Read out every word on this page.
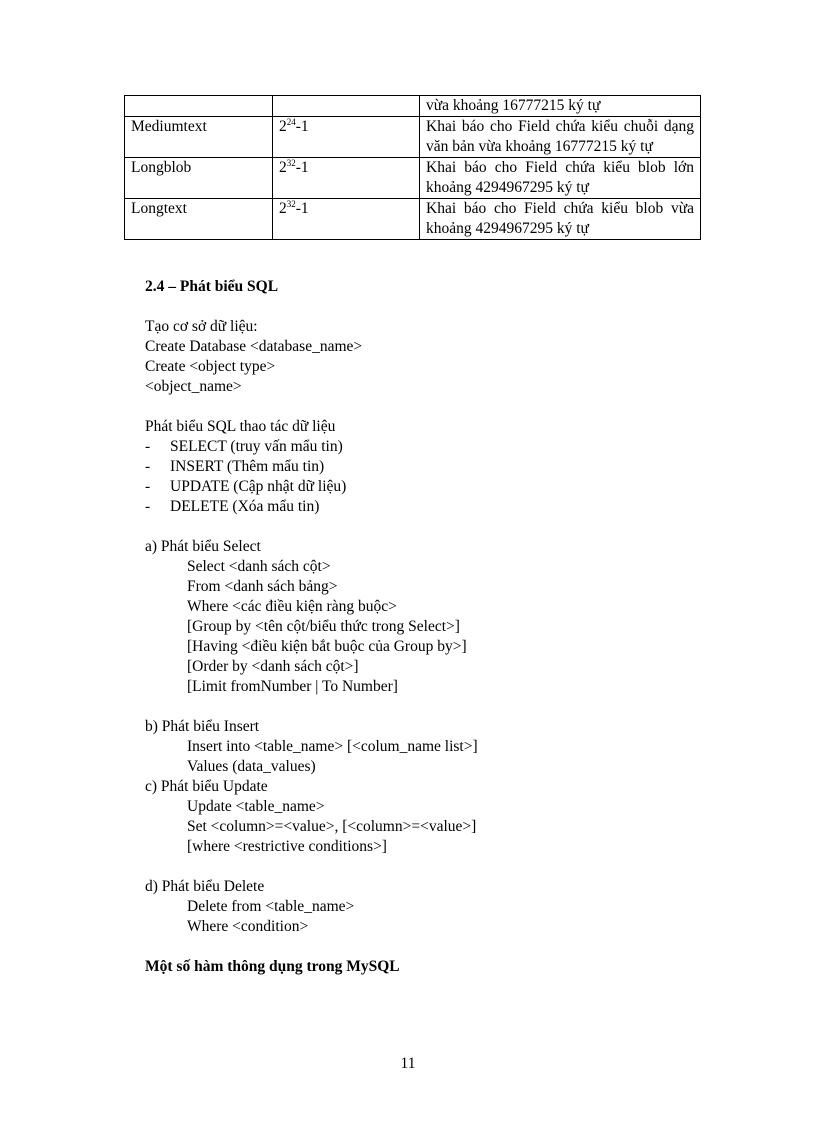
		vừa khoảng 16777215 ký tự
Mediumtext	$2^{24}-1$	Khai báo cho Field chứa kiểu chuỗi dạng văn bản vừa khoảng 16777215 ký tự
Longblob	$2^{32}-1$	Khai báo cho Field chứa kiểu blob lớn khoảng 4294967295 ký tự
Longtext	$2^{32}-1$	Khai báo cho Field chứa kiểu blob vừa khoảng 4294967295 ký tự
2.4 – Phát biểu SQL
Tạo cơ sở dữ liệu:
Create Database <database_name>
Create <object type>
<object_name>
Phát biểu SQL thao tác dữ liệu
- SELECT (truy vấn mẩu tin)
- INSERT (Thêm mẩu tin)
- UPDATE (Cập nhật dữ liệu)
- DELETE (Xóa mẩu tin)
a) Phát biểu Select
Select <danh sách cột>
From <danh sách bảng>
Where <các điều kiện ràng buộc>
[Group by <tên cột/biểu thức trong Select>]
[Having <điều kiện bắt buộc của Group by>]
[Order by <danh sách cột>]
[Limit fromNumber | To Number]
b) Phát biểu Insert
Insert into <table_name> [<colum_name list>]
Values (data_values)
c) Phát biểu Update
Update <table_name>
Set <column>=<value>, [<column>=<value>]
[where <restrictive conditions>]
d) Phát biểu Delete
Delete from <table_name>
Where <condition>
Một số hàm thông dụng trong MySQL
11
